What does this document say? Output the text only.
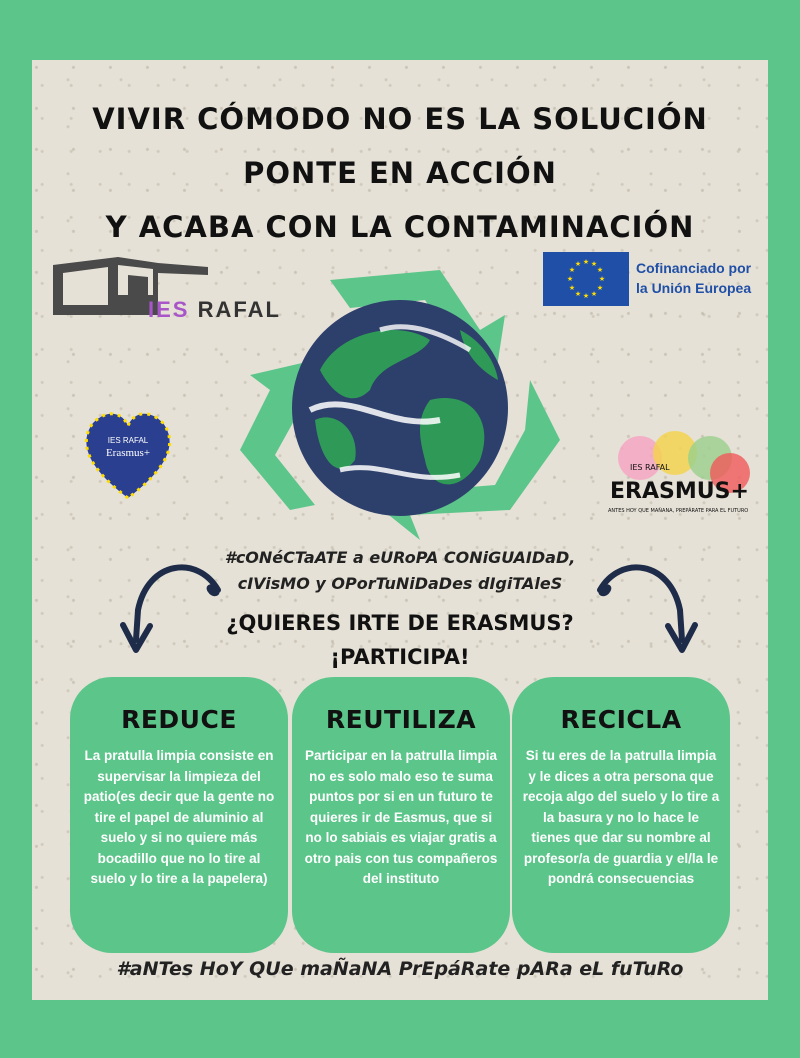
VIVIR CÓMODO NO ES LA SOLUCIÓN
PONTE EN ACCIÓN
Y ACABA CON LA CONTAMINACIÓN
IES RAFAL
★ ★
★
★
★
★
★
★
★
★
★
★	Cofinanciado por
la Unión Europea
IES RAFAL
Erasmus+
IES RAFAL
ERASMUS+
ANTES HOY QUE MAÑANA, PREPÁRATE PARA EL FUTURO
#cONéCTaATE a eURoPA CONiGUAIDaD,
cIVisMO y OPorTuNiDaDes dIgiTAleS
¿QUIERES IRTE DE ERASMUS?
¡PARTICIPA!
REDUCE

La pratulla limpia consiste en supervisar la limpieza del patio(es decir que la gente no tire el papel de aluminio al suelo y si no quiere más bocadillo que no lo tire al suelo y lo tire a la papelera)

REUTILIZA

Participar en la patrulla limpia no es solo malo eso te suma puntos por si en un futuro te quieres ir de Easmus, que si no lo sabiais es viajar gratis a otro pais con tus compañeros del instituto

RECICLA

Si tu eres de la patrulla limpia y le dices a otra persona que recoja algo del suelo y lo tire a la basura y no lo hace le tienes que dar su nombre al profesor/a de guardia y el/la le pondrá consecuencias

#aNTes HoY QUe maÑaNA PrEpáRate pARa eL fuTuRo
